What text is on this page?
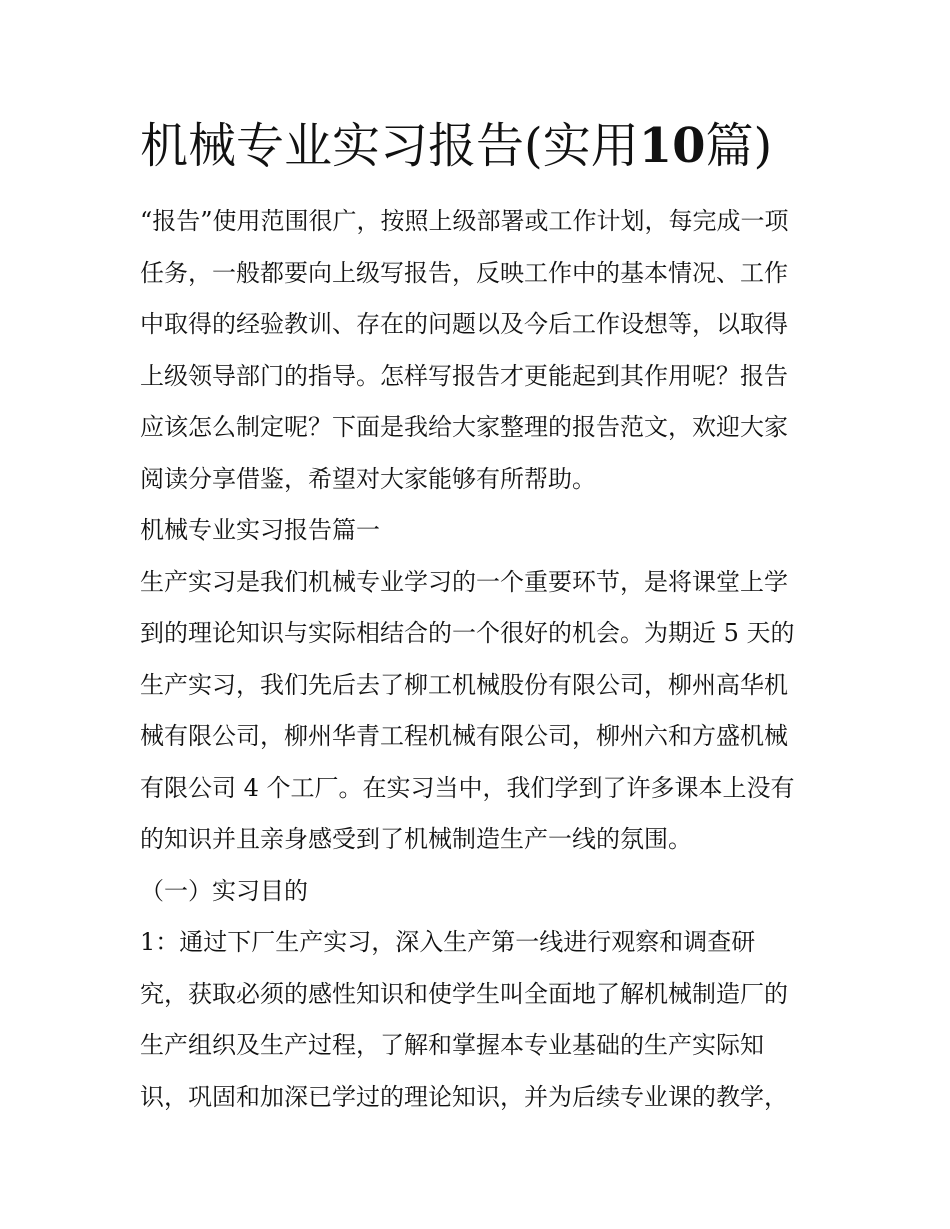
机械专业实习报告(实用10篇)

“报告”使用范围很广，按照上级部署或工作计划，每完成一项

任务，一般都要向上级写报告，反映工作中的基本情况、工作

中取得的经验教训、存在的问题以及今后工作设想等，以取得

上级领导部门的指导。怎样写报告才更能起到其作用呢？报告

应该怎么制定呢？下面是我给大家整理的报告范文，欢迎大家

阅读分享借鉴，希望对大家能够有所帮助。

机械专业实习报告篇一

生产实习是我们机械专业学习的一个重要环节，是将课堂上学

到的理论知识与实际相结合的一个很好的机会。为期近 5 天的

生产实习，我们先后去了柳工机械股份有限公司，柳州高华机

械有限公司，柳州华青工程机械有限公司，柳州六和方盛机械

有限公司 4 个工厂。在实习当中，我们学到了许多课本上没有

的知识并且亲身感受到了机械制造生产一线的氛围。

（一）实习目的

1：通过下厂生产实习，深入生产第一线进行观察和调查研

究，获取必须的感性知识和使学生叫全面地了解机械制造厂的

生产组织及生产过程，了解和掌握本专业基础的生产实际知

识，巩固和加深已学过的理论知识，并为后续专业课的教学，
